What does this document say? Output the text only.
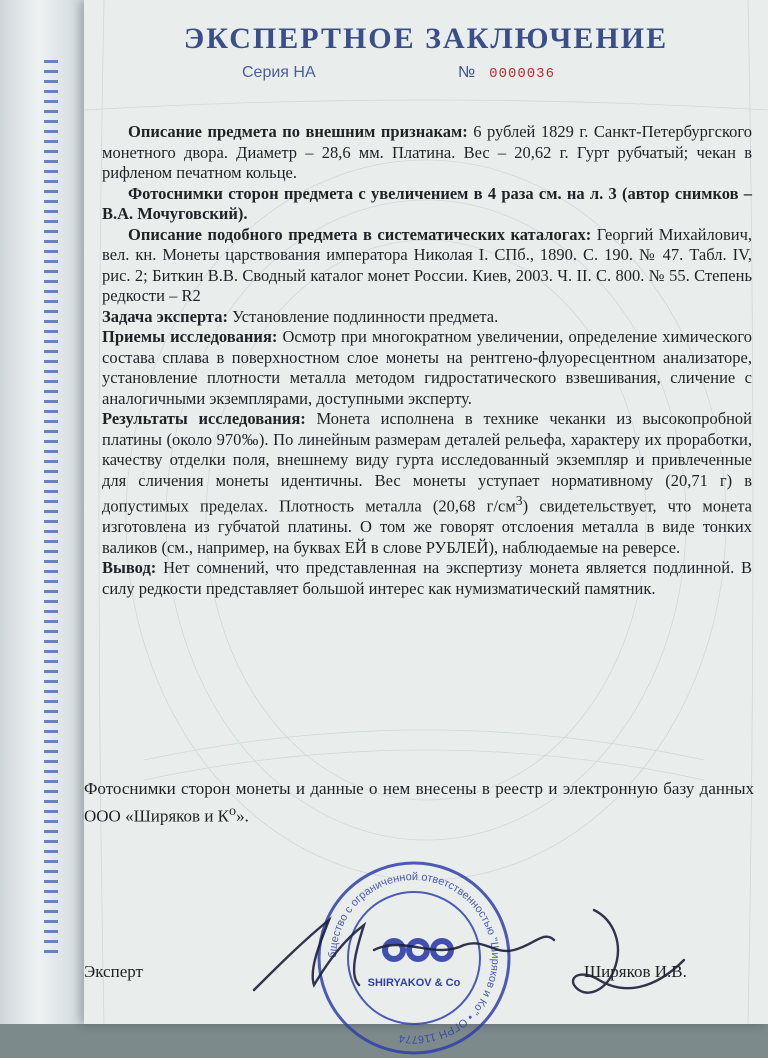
ЭКСПЕРТНОЕ ЗАКЛЮЧЕНИЕ
Серия НА	№ 0000036

Описание предмета по внешним признакам: 6 рублей 1829 г. Санкт-Петербургского монетного двора. Диаметр – 28,6 мм. Платина. Вес – 20,62 г. Гурт рубчатый; чекан в рифленом печатном кольце.

Фотоснимки сторон предмета с увеличением в 4 раза см. на л. 3 (автор снимков – В.А. Мочуговский).

Описание подобного предмета в систематических каталогах: Георгий Михайлович, вел. кн. Монеты царствования императора Николая I. СПб., 1890. С. 190. № 47. Табл. IV, рис. 2; Биткин В.В. Сводный каталог монет России. Киев, 2003. Ч. II. С. 800. № 55. Степень редкости – R2

Задача эксперта: Установление подлинности предмета.

Приемы исследования: Осмотр при многократном увеличении, определение химического состава сплава в поверхностном слое монеты на рентгено-флуоресцентном анализаторе, установление плотности металла методом гидростатического взвешивания, сличение с аналогичными экземплярами, доступными эксперту.

Результаты исследования: Монета исполнена в технике чеканки из высокопробной платины (около 970‰). По линейным размерам деталей рельефа, характеру их проработки, качеству отделки поля, внешнему виду гурта исследованный экземпляр и привлеченные для сличения монеты идентичны. Вес монеты уступает нормативному (20,71 г) в допустимых пределах. Плотность металла (20,68 $г/см^3$) свидетельствует, что монета изготовлена из губчатой платины. О том же говорят отслоения металла в виде тонких валиков (см., например, на буквах ЕЙ в слове РУБЛЕЙ), наблюдаемые на реверсе.

Вывод: Нет сомнений, что представленная на экспертизу монета является подлинной. В силу редкости представляет большой интерес как нумизматический памятник.

Фотоснимки сторон монеты и данные о нем внесены в реестр и электронную базу данных ООО «Ширяков и $К^о$».
бщество с ограниченной ответственностью "Ширяков и Ко" • ОГРН 116774
SHIRYAKOV & Co
Эксперт	Ширяков И.В.
